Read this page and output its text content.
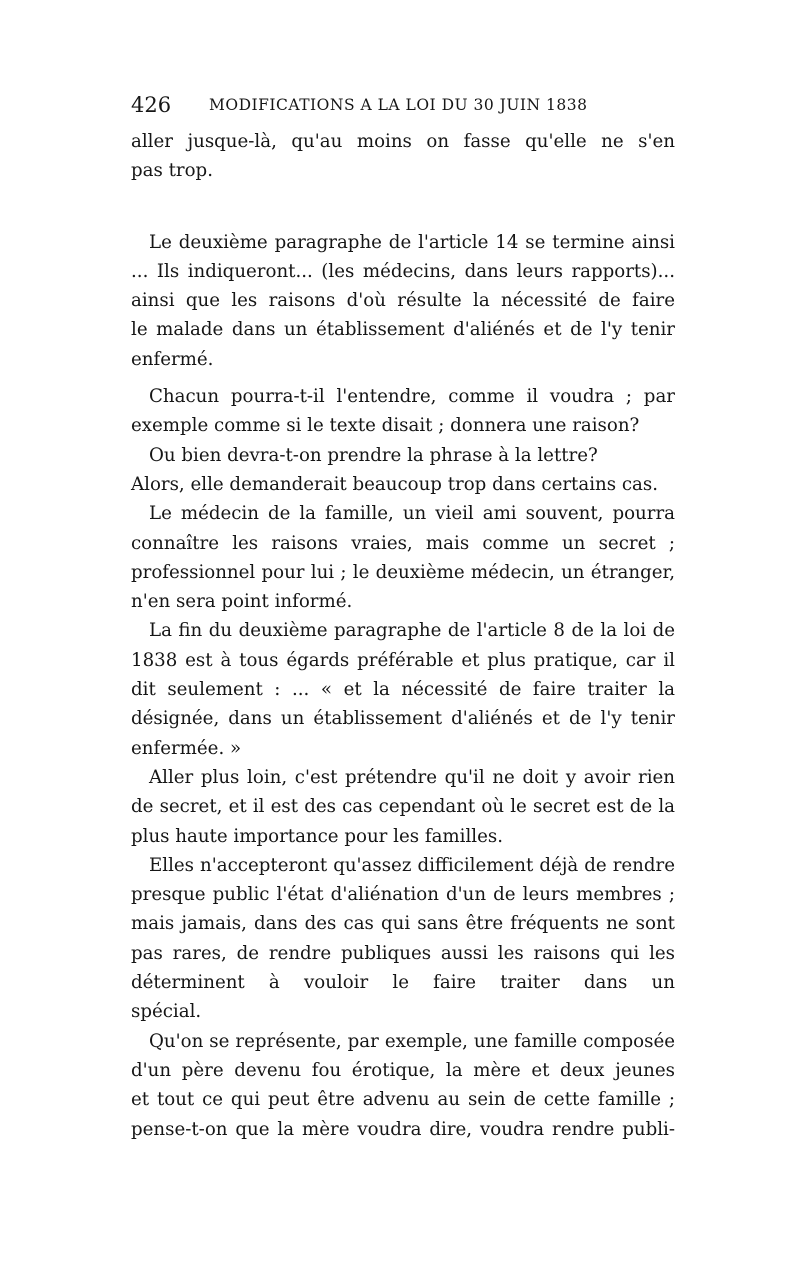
426 MODIFICATIONS A LA LOI DU 30 JUIN 1838
aller jusque-là, qu'au moins on fasse qu'elle ne s'en
pas trop.
Le deuxième paragraphe de l'article 14 se termine ainsi
... Ils indiqueront... (les médecins, dans leurs rapports)...
ainsi que les raisons d'où résulte la nécessité de faire
le malade dans un établissement d'aliénés et de l'y tenir
enfermé.
Chacun pourra-t-il l'entendre, comme il voudra ; par
exemple comme si le texte disait ; donnera une raison?
Ou bien devra-t-on prendre la phrase à la lettre?
Alors, elle demanderait beaucoup trop dans certains cas.
Le médecin de la famille, un vieil ami souvent, pourra
connaître les raisons vraies, mais comme un secret ;
professionnel pour lui ; le deuxième médecin, un étranger,
n'en sera point informé.
La fin du deuxième paragraphe de l'article 8 de la loi de
1838 est à tous égards préférable et plus pratique, car il
dit seulement : ... « et la nécessité de faire traiter la
désignée, dans un établissement d'aliénés et de l'y tenir
enfermée. »
Aller plus loin, c'est prétendre qu'il ne doit y avoir rien
de secret, et il est des cas cependant où le secret est de la
plus haute importance pour les familles.
Elles n'accepteront qu'assez difficilement déjà de rendre
presque public l'état d'aliénation d'un de leurs membres ;
mais jamais, dans des cas qui sans être fréquents ne sont
pas rares, de rendre publiques aussi les raisons qui les
déterminent à vouloir le faire traiter dans un
spécial.
Qu'on se représente, par exemple, une famille composée
d'un père devenu fou érotique, la mère et deux jeunes
et tout ce qui peut être advenu au sein de cette famille ;
pense-t-on que la mère voudra dire, voudra rendre publi-
